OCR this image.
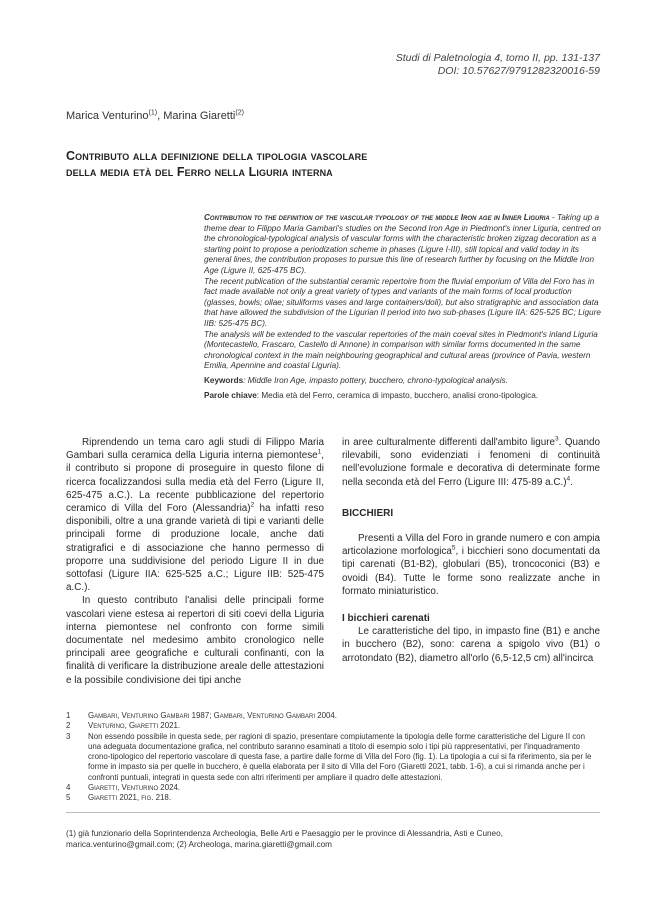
Studi di Paletnologia 4, tomo II, pp. 131-137
DOI: 10.57627/9791282320016-59
Marica Venturino$^{(1)}$, Marina Giaretti$^{(2)}$
Contributo alla definizione della tipologia vascolare
della media età del Ferro nella Liguria interna

Contribution to the definition of the vascular typology of the middle Iron age in Inner Liguria - Taking up a theme dear to Filippo Maria Gambari's studies on the Second Iron Age in Piedmont's inner Liguria, centred on the chronological-typological analysis of vascular forms with the characteristic broken zigzag decoration as a starting point to propose a periodization scheme in phases (Ligure I-III), still topical and valid today in its general lines, the contribution proposes to pursue this line of research further by focusing on the Middle Iron Age (Ligure II, 625-475 BC).

The recent publication of the substantial ceramic repertoire from the fluvial emporium of Villa del Foro has in fact made available not only a great variety of types and variants of the main forms of local production (glasses, bowls; ollae; situliforms vases and large containers/doli), but also stratigraphic and association data that have allowed the subdivision of the Ligurian II period into two sub-phases (Ligure IIA: 625-525 BC; Ligure IIB: 525-475 BC).

The analysis will be extended to the vascular repertories of the main coeval sites in Piedmont's inland Liguria (Montecastello, Frascaro, Castello di Annone) in comparison with similar forms documented in the same chronological context in the main neighbouring geographical and cultural areas (province of Pavia, western Emilia, Apennine and coastal Liguria).

Keywords: Middle Iron Age, impasto pottery, bucchero, chrono-typological analysis.

Parole chiave: Media età del Ferro, ceramica di impasto, bucchero, analisi crono-tipologica.

Riprendendo un tema caro agli studi di Filippo Maria Gambari sulla ceramica della Liguria interna piemontese$^1$, il contributo si propone di proseguire in questo filone di ricerca focalizzandosi sulla media età del Ferro (Ligure II, 625-475 a.C.). La recente pubblicazione del repertorio ceramico di Villa del Foro (Alessandria)$^2$ ha infatti reso disponibili, oltre a una grande varietà di tipi e varianti delle principali forme di produzione locale, anche dati stratigrafici e di associazione che hanno permesso di proporre una suddivisione del periodo Ligure II in due sottofasi (Ligure IIA: 625-525 a.C.; Ligure IIB: 525-475 a.C.).

In questo contributo l'analisi delle principali forme vascolari viene estesa ai repertori di siti coevi della Liguria interna piemontese nel confronto con forme simili documentate nel medesimo ambito cronologico nelle principali aree geografiche e culturali confinanti, con la finalità di verificare la distribuzione areale delle attestazioni e la possibile condivisione dei tipi anche

in aree culturalmente differenti dall'ambito ligure$^3$. Quando rilevabili, sono evidenziati i fenomeni di continuità nell'evoluzione formale e decorativa di determinate forme nella seconda età del Ferro (Ligure III: 475-89 a.C.)$^4$.

BICCHIERI

Presenti a Villa del Foro in grande numero e con ampia articolazione morfologica$^5$, i bicchieri sono documentati da tipi carenati (B1-B2), globulari (B5), troncoconici (B3) e ovoidi (B4). Tutte le forme sono realizzate anche in formato miniaturistico.

I bicchieri carenati

Le caratteristiche del tipo, in impasto fine (B1) e anche in bucchero (B2), sono: carena a spigolo vivo (B1) o arrotondato (B2), diametro all'orlo (6,5-12,5 cm) all'incirca

1	Gambari, Venturino Gambari 1987; Gambari, Venturino Gambari 2004.
2	Venturino, Giaretti 2021.
3	Non essendo possibile in questa sede, per ragioni di spazio, presentare compiutamente la tipologia delle forme caratteristiche del Ligure II con una adeguata documentazione grafica, nel contributo saranno esaminati a titolo di esempio solo i tipi più rappresentativi, per l'inquadramento crono-tipologico del repertorio vascolare di questa fase, a partire dalle forme di Villa del Foro (fig. 1). La tipologia a cui si fa riferimento, sia per le forme in impasto sia per quelle in bucchero, è quella elaborata per il sito di Villa del Foro (Giaretti 2021, tabb. 1-6), a cui si rimanda anche per i confronti puntuali, integrati in questa sede con altri riferimenti per ampliare il quadro delle attestazioni.
4	Giaretti, Venturino 2024.
5	Giaretti 2021, fig. 218.
(1) già funzionario della Soprintendenza Archeologia, Belle Arti e Paesaggio per le province di Alessandria, Asti e Cuneo, marica.venturino@gmail.com; (2) Archeologa, marina.giaretti@gmail.com
